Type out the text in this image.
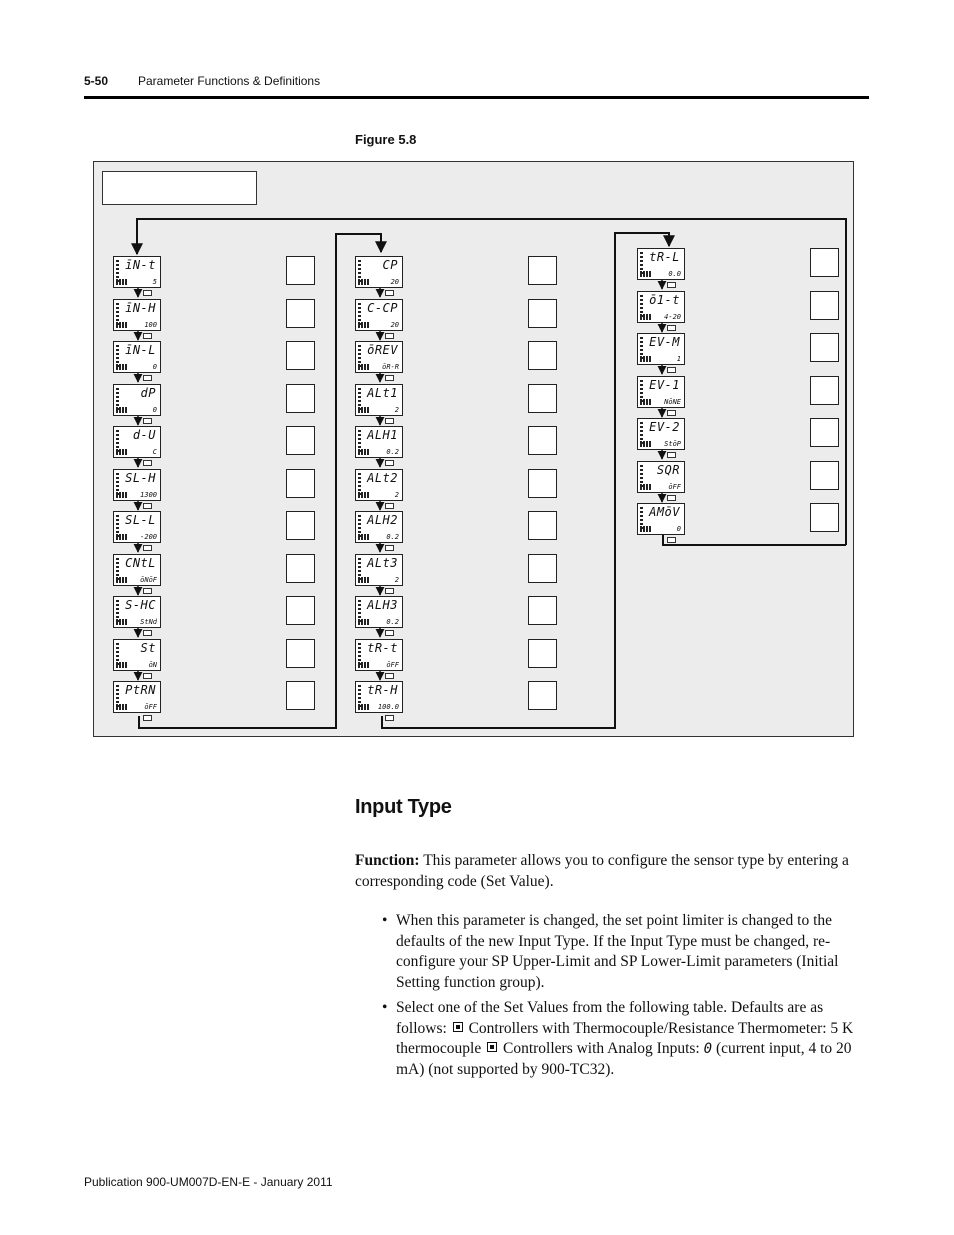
5-50 Parameter Functions & Definitions
Figure 5.8
īN-t
5
īN-H
100
īN-L
0
dP
0
d-U
C
SL-H
1300
SL-L
-200
CNtL
ōNōF
S-HC
StNd
St
ōN
PtRN
ōFF
CP
20
C-CP
20
ōREV
ōR-R
ALt1
2
ALH1
0.2
ALt2
2
ALH2
0.2
ALt3
2
ALH3
0.2
tR-t
ōFF
tR-H
100.0
tR-L
0.0
ō1-t
4-20
EV-M
1
EV-1
NōNE
EV-2
StōP
SQR
ōFF
AMōV
0
Input Type
Function: This parameter allows you to configure the sensor type by entering a corresponding code (Set Value).
• When this parameter is changed, the set point limiter is changed to the defaults of the new Input Type. If the Input Type must be changed, re-configure your SP Upper-Limit and SP Lower-Limit parameters (Initial Setting function group).
• Select one of the Set Values from the following table. Defaults are as follows:  Controllers with Thermocouple/Resistance Thermometer: 5 K thermocouple  Controllers with Analog Inputs: 0 (current input, 4 to 20 mA) (not supported by 900-TC32).
Publication 900-UM007D-EN-E - January 2011
